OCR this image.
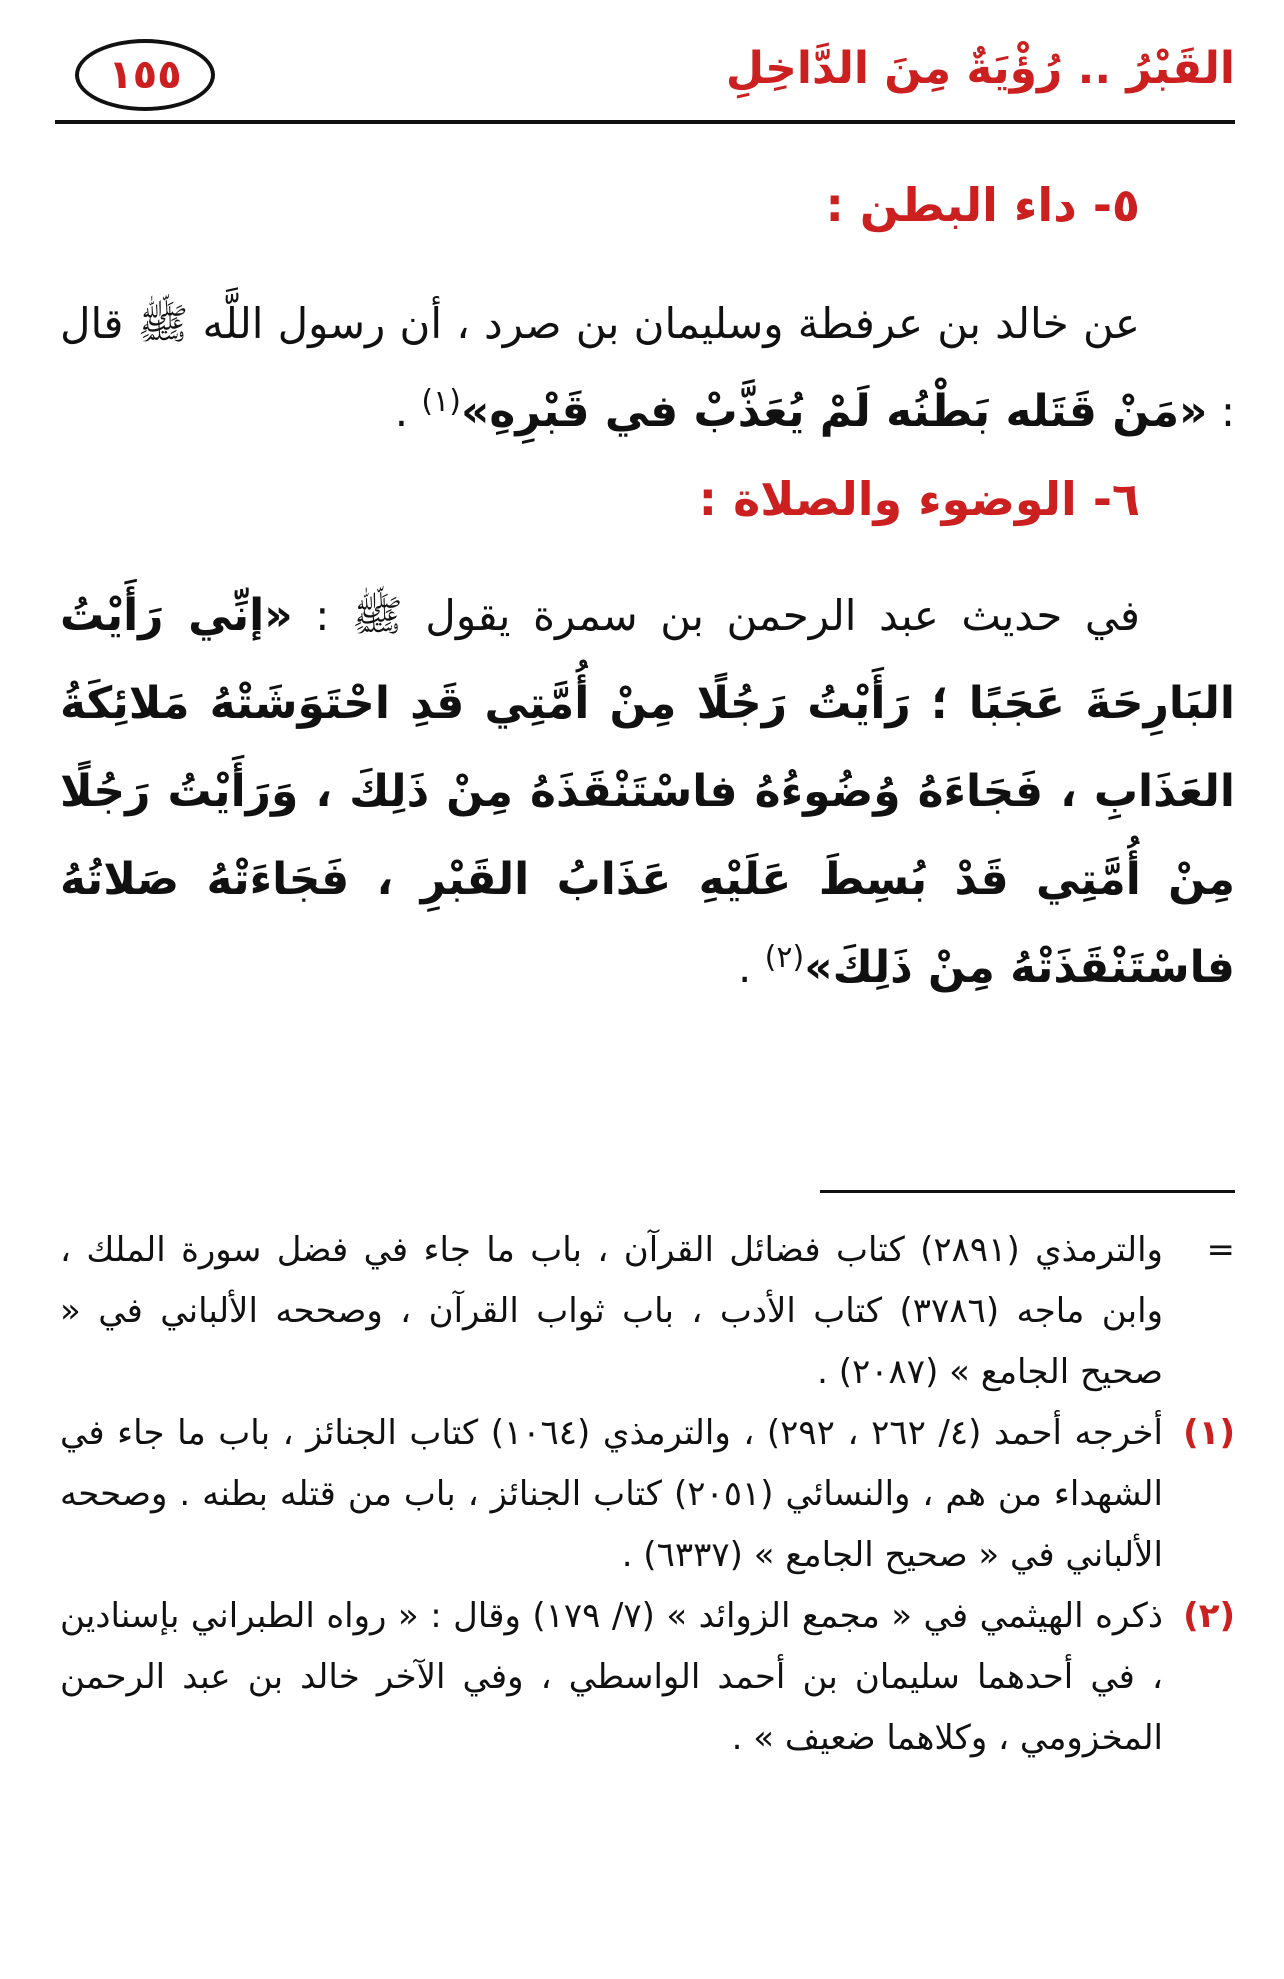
١٥٥	القَبْرُ .. رُؤْيَةٌ مِنَ الدَّاخِلِ
٥- داء البطن :

عن خالد بن عرفطة وسليمان بن صرد ، أن رسول اللَّه ﷺ قال : «مَنْ قَتَله بَطْنُه لَمْ يُعَذَّبْ في قَبْرِهِ»$^{(١)}$ .

٦- الوضوء والصلاة :

في حديث عبد الرحمن بن سمرة يقول ﷺ : «إنِّي رَأَيْتُ البَارِحَةَ عَجَبًا ؛ رَأَيْتُ رَجُلًا مِنْ أُمَّتِي قَدِ احْتَوَشَتْهُ مَلائِكَةُ العَذَابِ ، فَجَاءَهُ وُضُوءُهُ فاسْتَنْقَذَهُ مِنْ ذَلِكَ ، وَرَأَيْتُ رَجُلًا مِنْ أُمَّتِي قَدْ بُسِطَ عَلَيْهِ عَذَابُ القَبْرِ ، فَجَاءَتْهُ صَلاتُهُ فاسْتَنْقَذَتْهُ مِنْ ذَلِكَ»$^{(٢)}$ .

=
والترمذي (٢٨٩١) كتاب فضائل القرآن ، باب ما جاء في فضل سورة الملك ، وابن ماجه (٣٧٨٦) كتاب الأدب ، باب ثواب القرآن ، وصححه الألباني في « صحيح الجامع » (٢٠٨٧) .

(١)
أخرجه أحمد (٤/ ٢٦٢ ، ٢٩٢) ، والترمذي (١٠٦٤) كتاب الجنائز ، باب ما جاء في الشهداء من هم ، والنسائي (٢٠٥١) كتاب الجنائز ، باب من قتله بطنه . وصححه الألباني في « صحيح الجامع » (٦٣٣٧) .

(٢)
ذكره الهيثمي في « مجمع الزوائد » (٧/ ١٧٩) وقال : « رواه الطبراني بإسنادين ، في أحدهما سليمان بن أحمد الواسطي ، وفي الآخر خالد بن عبد الرحمن المخزومي ، وكلاهما ضعيف » .
